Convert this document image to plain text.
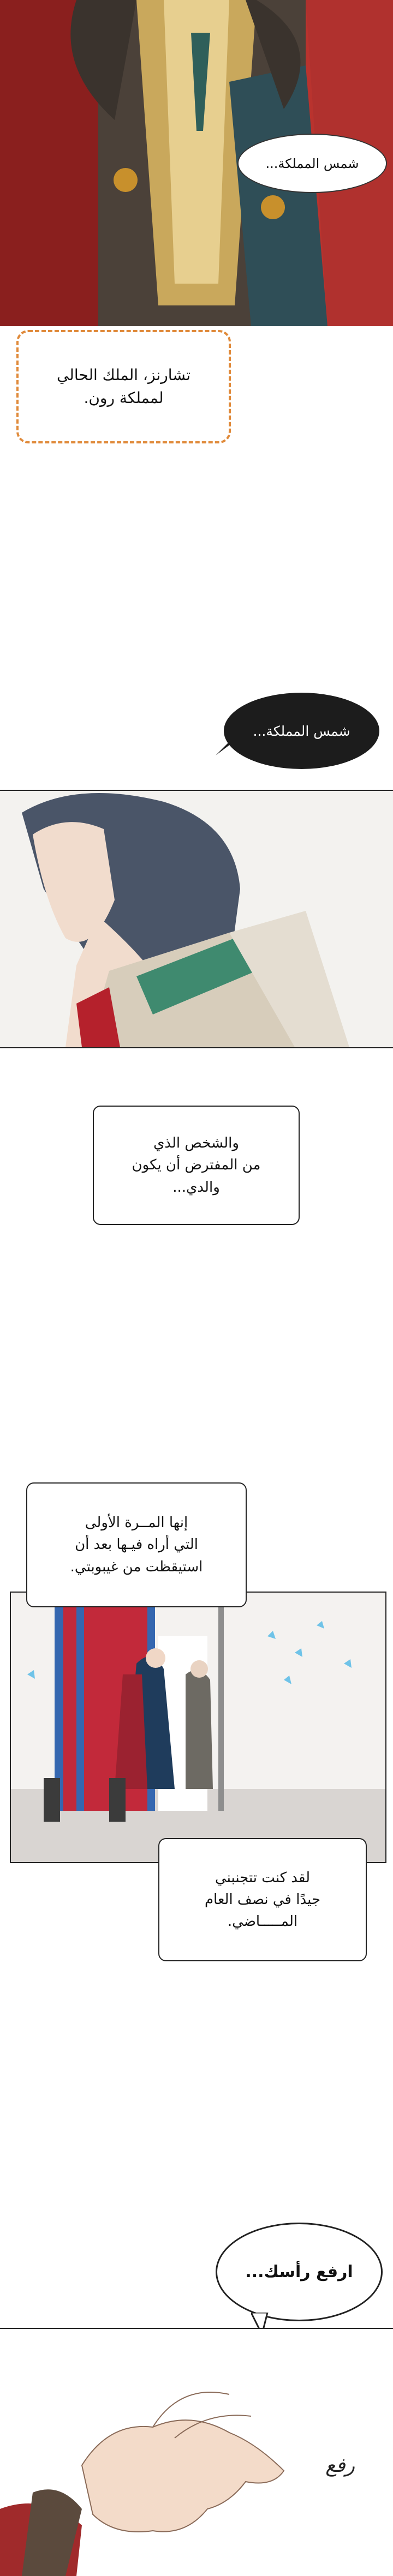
شمس المملكة...
تشارنز، الملك الحالي
لمملكة رون.
شمس المملكة...
والشخص الذي
من المفترض أن يكون
والدي...
إنها المــرة الأولى
التي أراه فيـها بعد أن
استيقظت من غيبوبتي.
لقد كنت تتجنبني
جيدًا في نصف العام
المـــــاضي.
ارفع رأسك...
رفع
